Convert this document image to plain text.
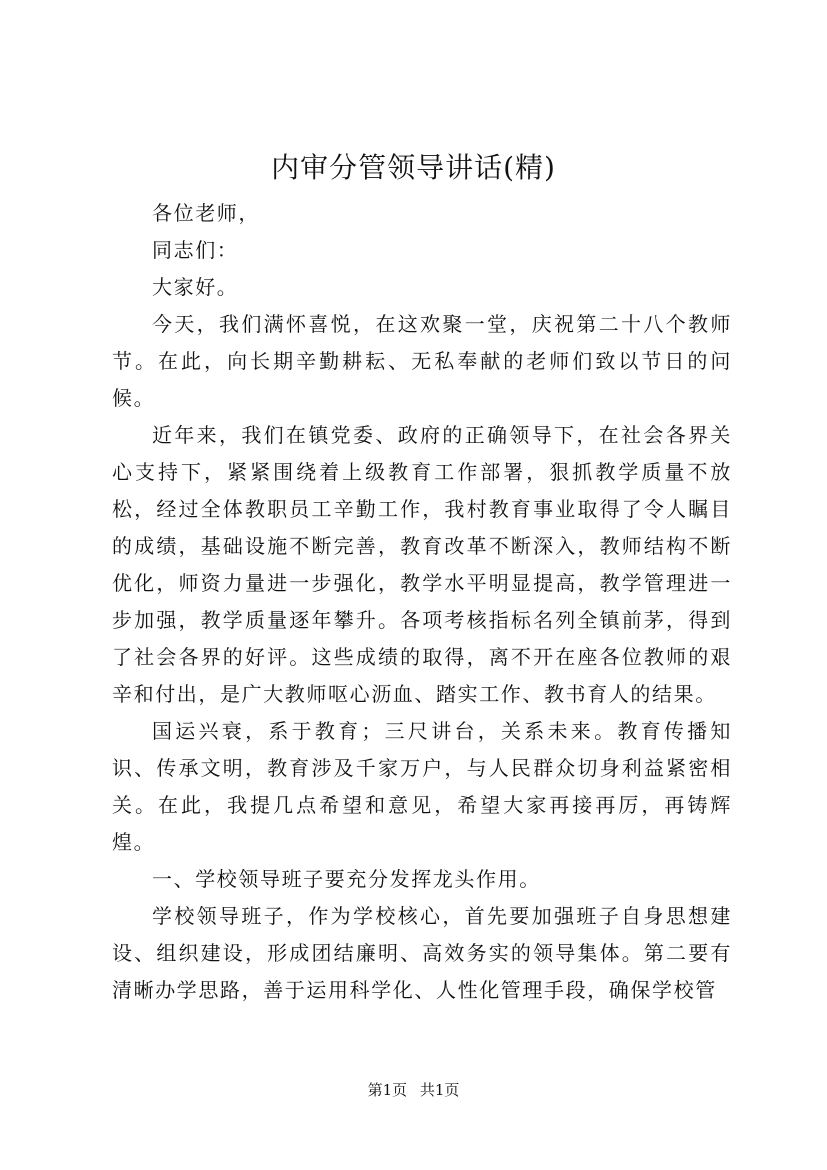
内审分管领导讲话(精)

各位老师，

同志们：

大家好。

今天，我们满怀喜悦，在这欢聚一堂，庆祝第二十八个教师节。在此，向长期辛勤耕耘、无私奉献的老师们致以节日的问候。

近年来，我们在镇党委、政府的正确领导下，在社会各界关心支持下，紧紧围绕着上级教育工作部署，狠抓教学质量不放松，经过全体教职员工辛勤工作，我村教育事业取得了令人瞩目的成绩，基础设施不断完善，教育改革不断深入，教师结构不断优化，师资力量进一步强化，教学水平明显提高，教学管理进一步加强，教学质量逐年攀升。各项考核指标名列全镇前茅，得到了社会各界的好评。这些成绩的取得，离不开在座各位教师的艰辛和付出，是广大教师呕心沥血、踏实工作、教书育人的结果。

国运兴衰，系于教育；三尺讲台，关系未来。教育传播知识、传承文明，教育涉及千家万户，与人民群众切身利益紧密相关。在此，我提几点希望和意见，希望大家再接再厉，再铸辉煌。

一、学校领导班子要充分发挥龙头作用。

学校领导班子，作为学校核心，首先要加强班子自身思想建设、组织建设，形成团结廉明、高效务实的领导集体。第二要有清晰办学思路，善于运用科学化、人性化管理手段，确保学校管

第1页 共1页
